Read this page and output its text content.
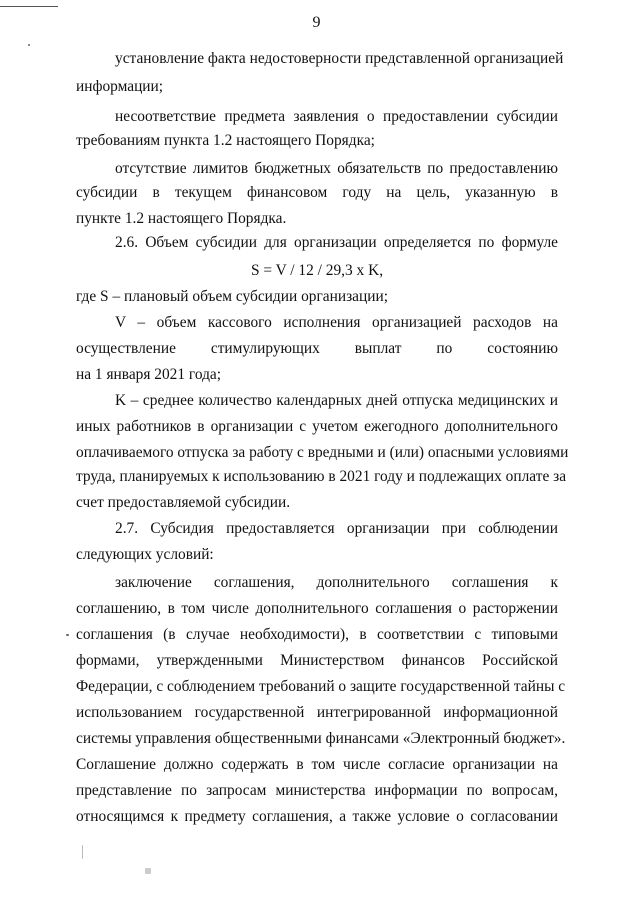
9
установление факта недостоверности представленной организацией
информации;
несоответствие предмета заявления о предоставлении субсидии
требованиям пункта 1.2 настоящего Порядка;
отсутствие лимитов бюджетных обязательств по предоставлению
субсидии в текущем финансовом году на цель, указанную в
пункте 1.2 настоящего Порядка.
2.6. Объем субсидии для организации определяется по формуле
S = V / 12 / 29,3 x K,
где S – плановый объем субсидии организации;
V – объем кассового исполнения организацией расходов на
осуществление стимулирующих выплат по состоянию
на 1 января 2021 года;
K – среднее количество календарных дней отпуска медицинских и
иных работников в организации с учетом ежегодного дополнительного
оплачиваемого отпуска за работу с вредными и (или) опасными условиями
труда, планируемых к использованию в 2021 году и подлежащих оплате за
счет предоставляемой субсидии.
2.7. Субсидия предоставляется организации при соблюдении
следующих условий:
заключение соглашения, дополнительного соглашения к
соглашению, в том числе дополнительного соглашения о расторжении
соглашения (в случае необходимости), в соответствии с типовыми
формами, утвержденными Министерством финансов Российской
Федерации, с соблюдением требований о защите государственной тайны с
использованием государственной интегрированной информационной
системы управления общественными финансами «Электронный бюджет».
Соглашение должно содержать в том числе согласие организации на
представление по запросам министерства информации по вопросам,
относящимся к предмету соглашения, а также условие о согласовании
